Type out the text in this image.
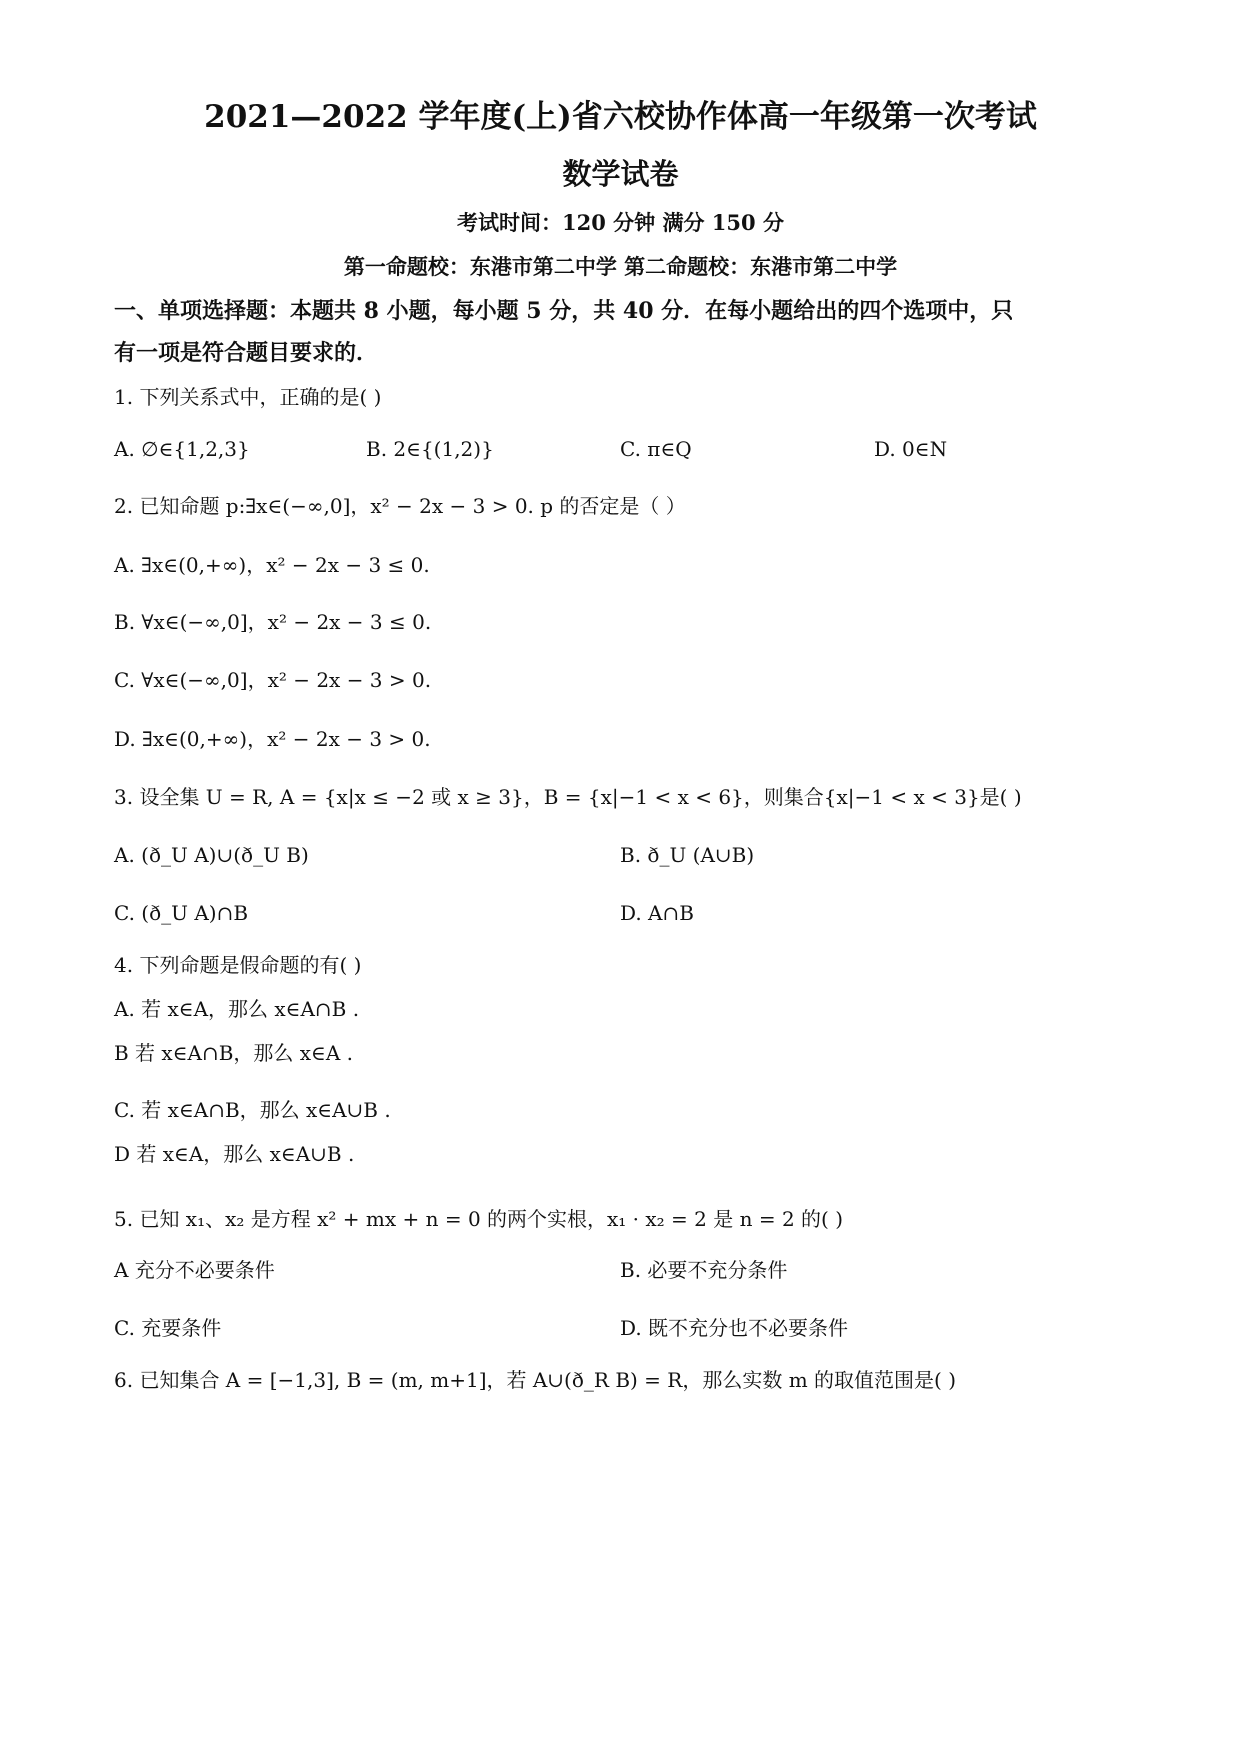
2021—2022 学年度(上)省六校协作体高一年级第一次考试
数学试卷
考试时间：120 分钟 满分 150 分
第一命题校：东港市第二中学 第二命题校：东港市第二中学
一、单项选择题：本题共 8 小题，每小题 5 分，共 40 分．在每小题给出的四个选项中，只
有一项是符合题目要求的．
1. 下列关系式中，正确的是( )
A. ∅∈{1,2,3}	B. 2∈{(1,2)}	C. π∈Q	D. 0∈N
2. 已知命题 p:∃x∈(−∞,0]，x² − 2x − 3 > 0. p 的否定是（ ）
A. ∃x∈(0,+∞)，x² − 2x − 3 ≤ 0.
B. ∀x∈(−∞,0]，x² − 2x − 3 ≤ 0.
C. ∀x∈(−∞,0]，x² − 2x − 3 > 0.
D. ∃x∈(0,+∞)，x² − 2x − 3 > 0.
3. 设全集 U = R, A = {x|x ≤ −2 或 x ≥ 3}，B = {x|−1 < x < 6}，则集合{x|−1 < x < 3}是( )
A. (ð_U A)∪(ð_U B)	B. ð_U (A∪B)
C. (ð_U A)∩B	D. A∩B
4. 下列命题是假命题的有( )
A. 若 x∈A，那么 x∈A∩B .
B 若 x∈A∩B，那么 x∈A .
C. 若 x∈A∩B，那么 x∈A∪B .
D 若 x∈A，那么 x∈A∪B .
5. 已知 x₁、x₂ 是方程 x² + mx + n = 0 的两个实根，x₁ · x₂ = 2 是 n = 2 的( )
A 充分不必要条件	B. 必要不充分条件
C. 充要条件	D. 既不充分也不必要条件
6. 已知集合 A = [−1,3], B = (m, m+1]，若 A∪(ð_R B) = R，那么实数 m 的取值范围是( )
